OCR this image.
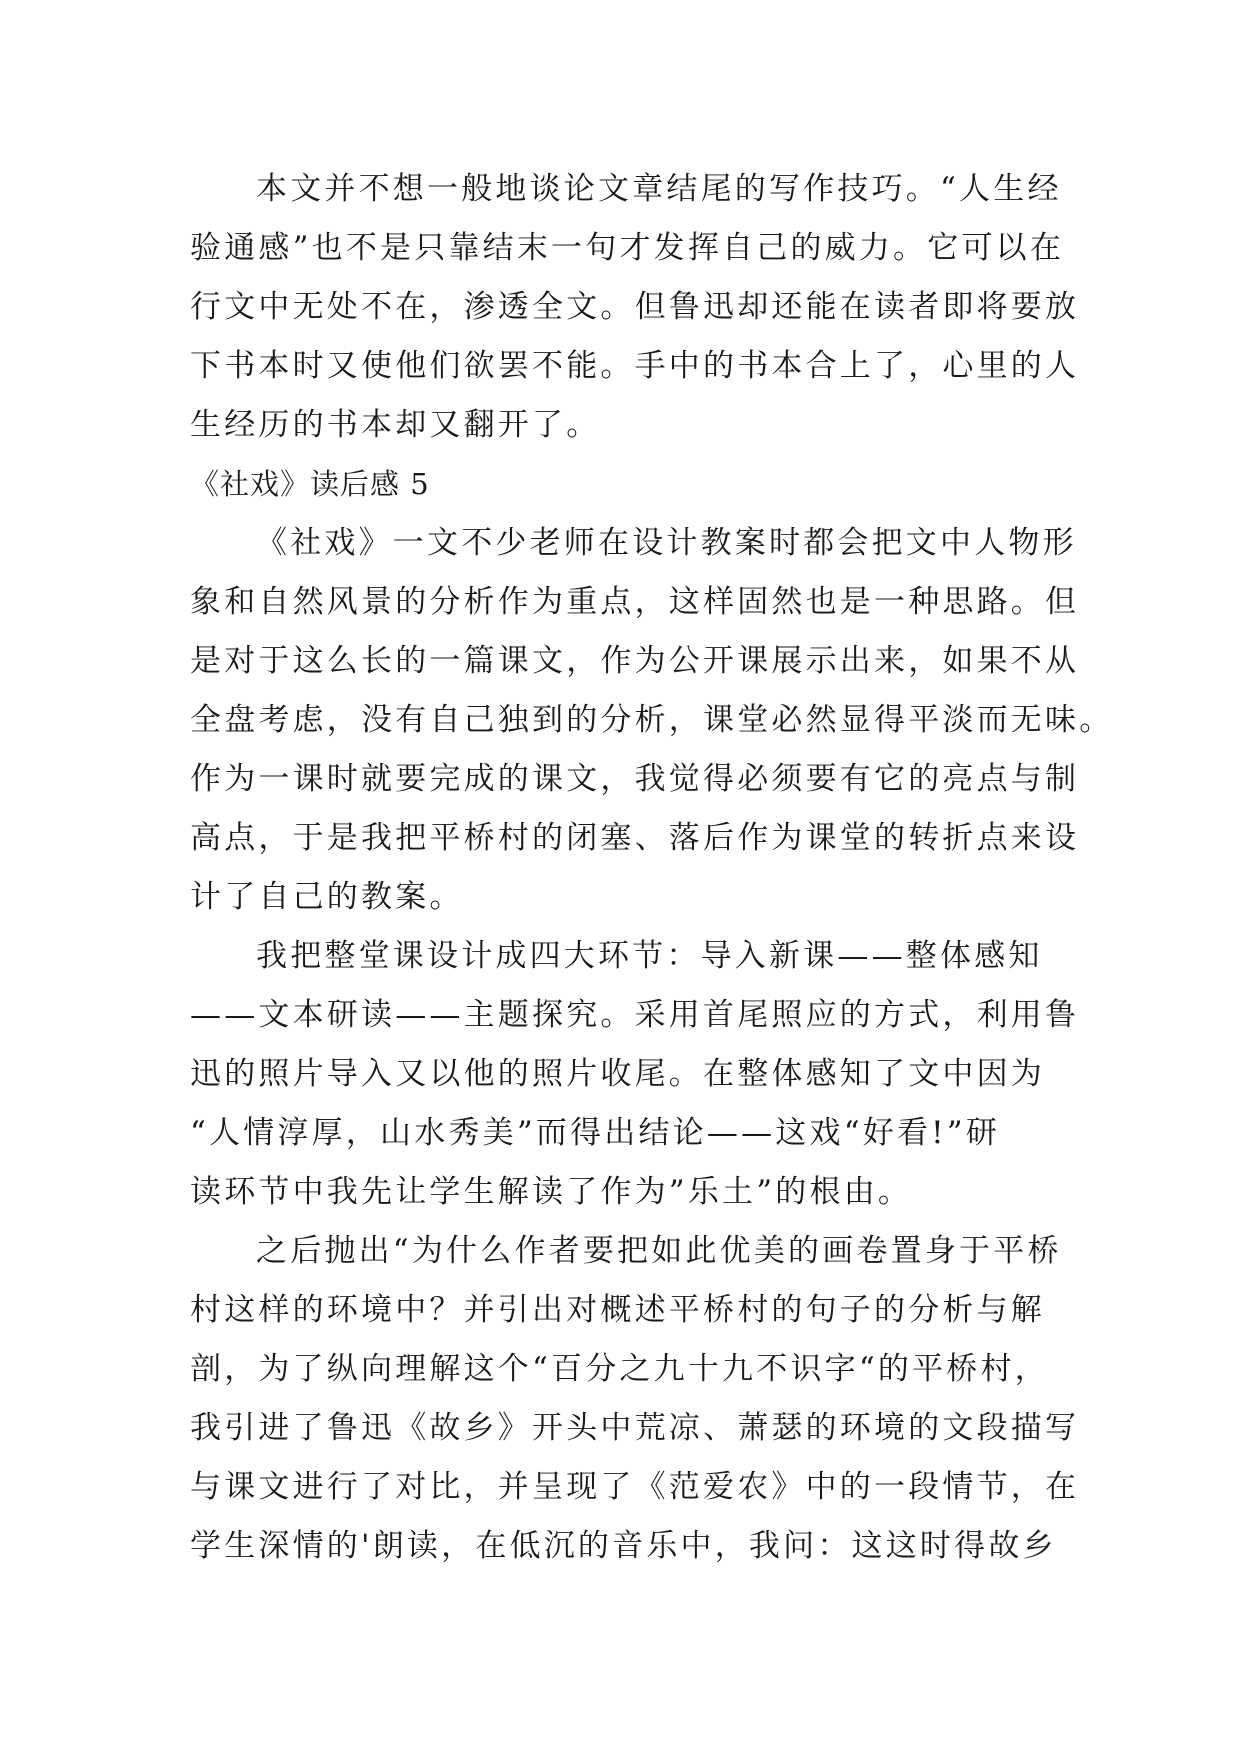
本文并不想一般地谈论文章结尾的写作技巧。“人生经
验通感”也不是只靠结末一句才发挥自己的威力。它可以在
行文中无处不在，渗透全文。但鲁迅却还能在读者即将要放
下书本时又使他们欲罢不能。手中的书本合上了，心里的人
生经历的书本却又翻开了。
《社戏》读后感 5
《社戏》一文不少老师在设计教案时都会把文中人物形
象和自然风景的分析作为重点，这样固然也是一种思路。但
是对于这么长的一篇课文，作为公开课展示出来，如果不从
全盘考虑，没有自己独到的分析，课堂必然显得平淡而无味。
作为一课时就要完成的课文，我觉得必须要有它的亮点与制
高点，于是我把平桥村的闭塞、落后作为课堂的转折点来设
计了自己的教案。
我把整堂课设计成四大环节：导入新课——整体感知
——文本研读——主题探究。采用首尾照应的方式，利用鲁
迅的照片导入又以他的照片收尾。在整体感知了文中因为
“人情淳厚，山水秀美”而得出结论——这戏“好看!”研
读环节中我先让学生解读了作为”乐土”的根由。
之后抛出“为什么作者要把如此优美的画卷置身于平桥
村这样的环境中？并引出对概述平桥村的句子的分析与解
剖，为了纵向理解这个“百分之九十九不识字“的平桥村，
我引进了鲁迅《故乡》开头中荒凉、萧瑟的环境的文段描写
与课文进行了对比，并呈现了《范爱农》中的一段情节，在
学生深情的'朗读，在低沉的音乐中，我问：这这时得故乡
